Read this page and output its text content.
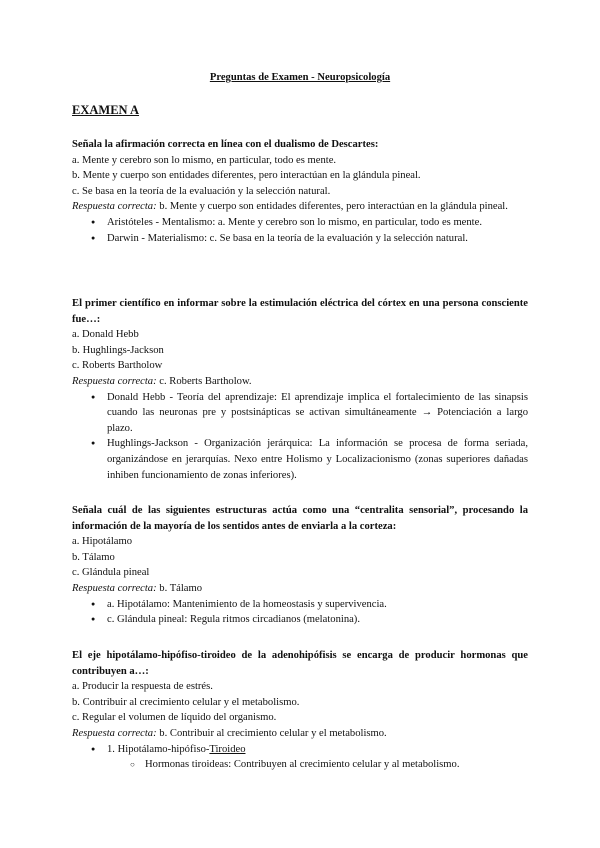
Preguntas de Examen - Neuropsicología
EXAMEN A
Señala la afirmación correcta en línea con el dualismo de Descartes:
a. Mente y cerebro son lo mismo, en particular, todo es mente.
b. Mente y cuerpo son entidades diferentes, pero interactúan en la glándula pineal.
c. Se basa en la teoría de la evaluación y la selección natural.
Respuesta correcta: b. Mente y cuerpo son entidades diferentes, pero interactúan en la glándula pineal.
● Aristóteles - Mentalismo: a. Mente y cerebro son lo mismo, en particular, todo es mente.
● Darwin - Materialismo: c. Se basa en la teoría de la evaluación y la selección natural.
El primer científico en informar sobre la estimulación eléctrica del córtex en una persona consciente fue…:
a. Donald Hebb
b. Hughlings-Jackson
c. Roberts Bartholow
Respuesta correcta: c. Roberts Bartholow.
● Donald Hebb - Teoría del aprendizaje: El aprendizaje implica el fortalecimiento de las sinapsis cuando las neuronas pre y postsinápticas se activan simultáneamente → Potenciación a largo plazo.
● Hughlings-Jackson - Organización jerárquica: La información se procesa de forma seriada, organizándose en jerarquías. Nexo entre Holismo y Localizacionismo (zonas superiores dañadas inhiben funcionamiento de zonas inferiores).
Señala cuál de las siguientes estructuras actúa como una “centralita sensorial”, procesando la información de la mayoría de los sentidos antes de enviarla a la corteza:
a. Hipotálamo
b. Tálamo
c. Glándula pineal
Respuesta correcta: b. Tálamo
● a. Hipotálamo: Mantenimiento de la homeostasis y supervivencia.
● c. Glándula pineal: Regula ritmos circadianos (melatonina).
El eje hipotálamo-hipófiso-tiroideo de la adenohipófisis se encarga de producir hormonas que contribuyen a…:
a. Producir la respuesta de estrés.
b. Contribuir al crecimiento celular y el metabolismo.
c. Regular el volumen de líquido del organismo.
Respuesta correcta: b. Contribuir al crecimiento celular y el metabolismo.
● 1. Hipotálamo-hipófiso-Tiroideo
○ Hormonas tiroideas: Contribuyen al crecimiento celular y al metabolismo.
